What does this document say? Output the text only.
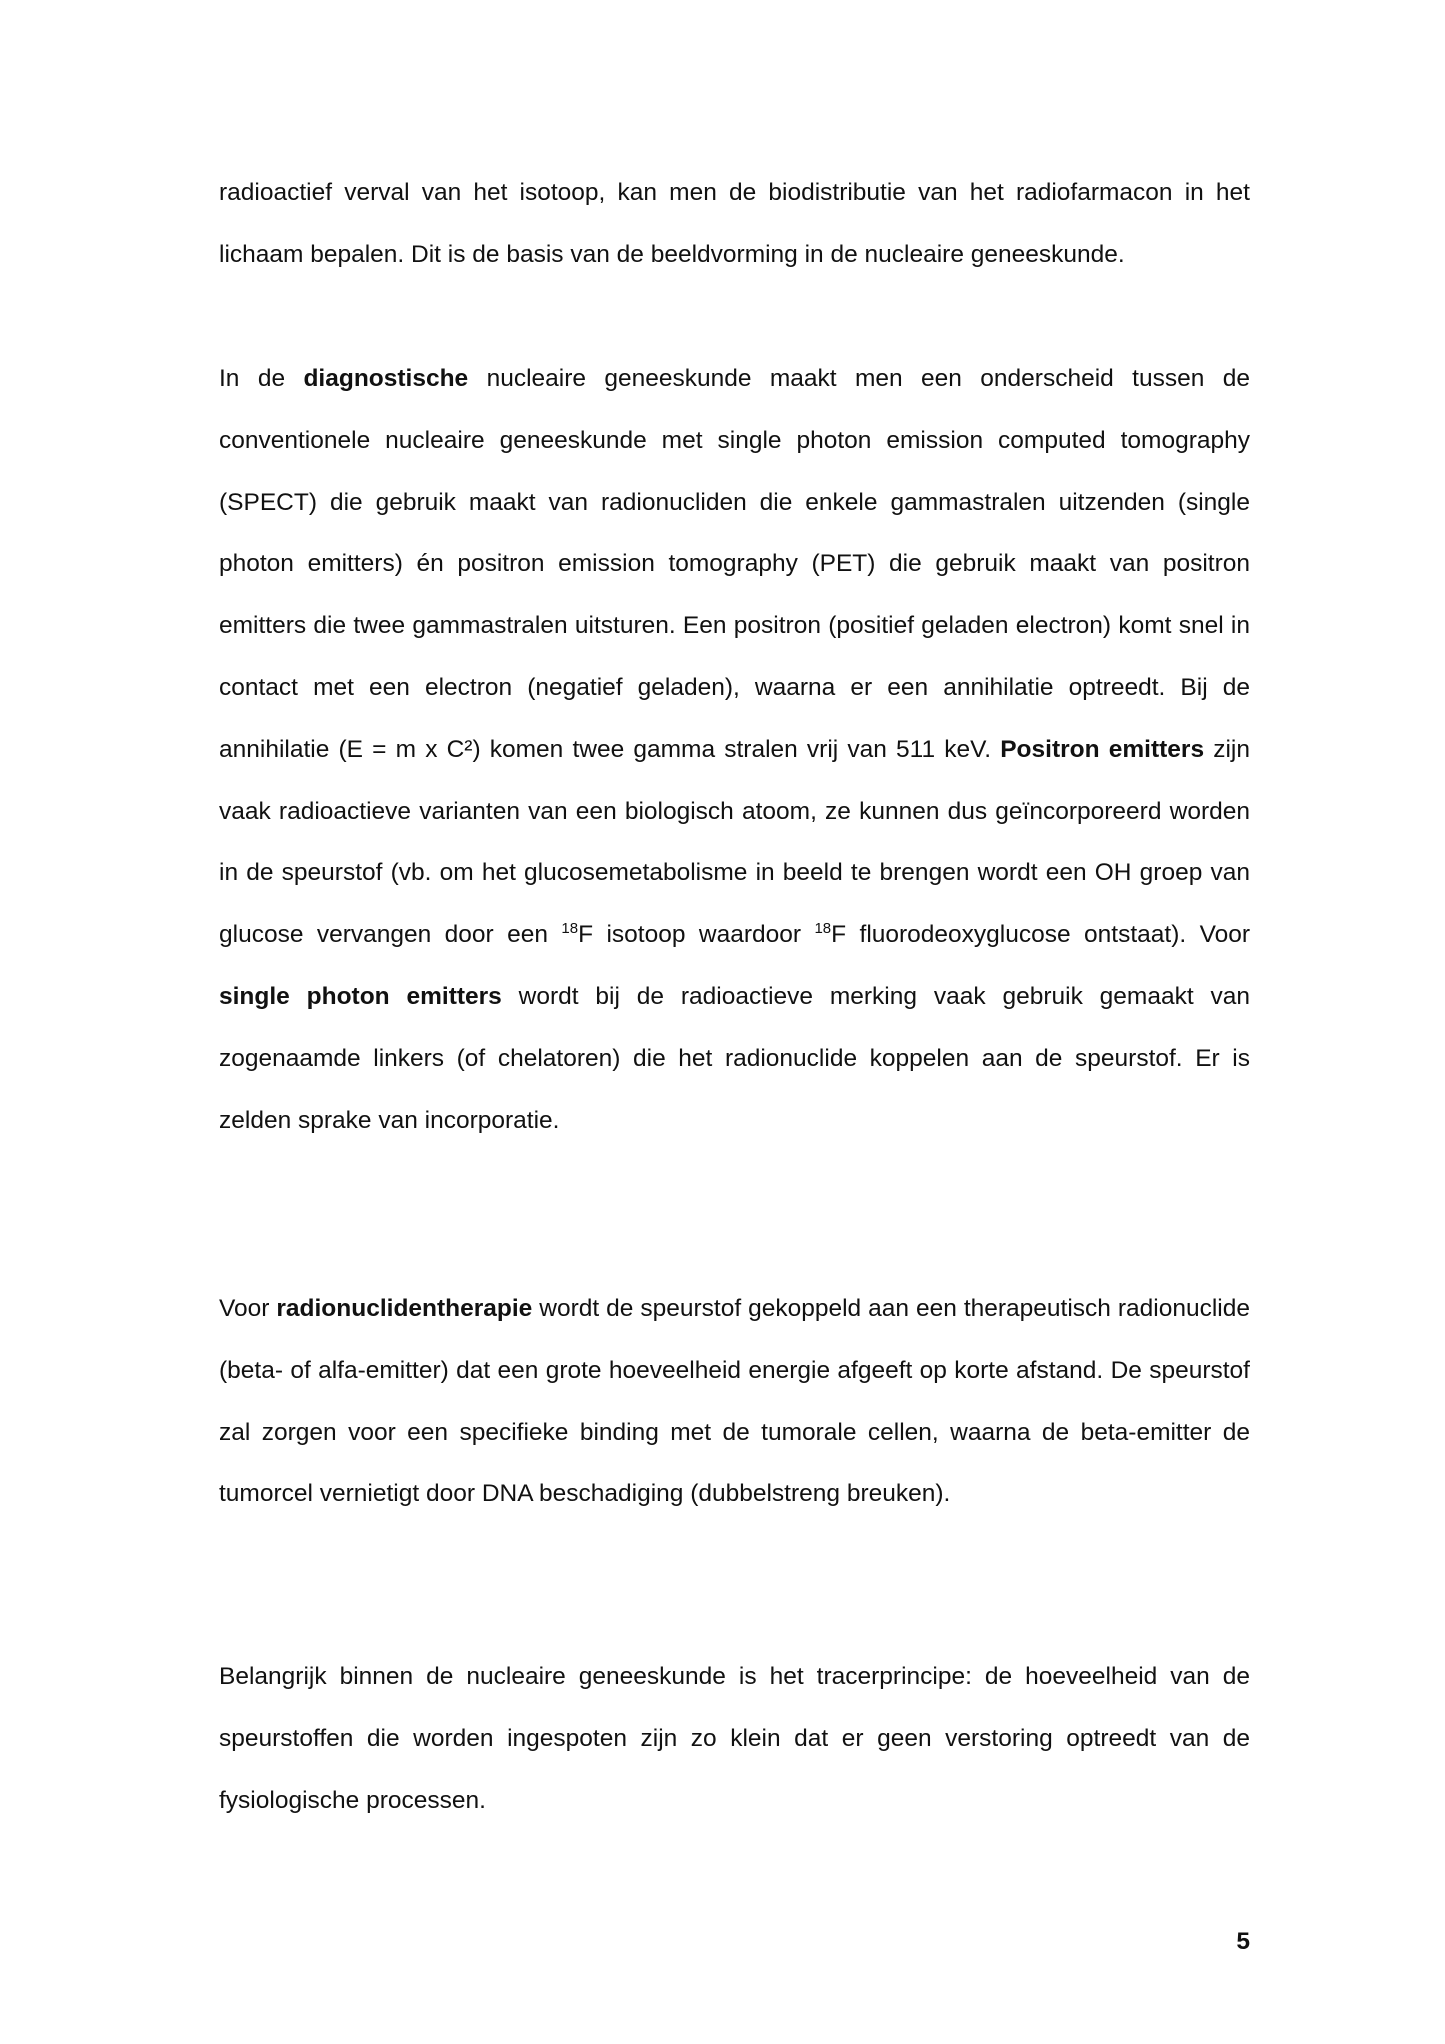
radioactief verval van het isotoop, kan men de biodistributie van het radiofarmacon in het lichaam bepalen. Dit is de basis van de beeldvorming in de nucleaire geneeskunde.

In de diagnostische nucleaire geneeskunde maakt men een onderscheid tussen de conventionele nucleaire geneeskunde met single photon emission computed tomography (SPECT) die gebruik maakt van radionucliden die enkele gammastralen uitzenden (single photon emitters) én positron emission tomography (PET) die gebruik maakt van positron emitters die twee gammastralen uitsturen. Een positron (positief geladen electron) komt snel in contact met een electron (negatief geladen), waarna er een annihilatie optreedt. Bij de annihilatie (E = m x C²) komen twee gamma stralen vrij van 511 keV. Positron emitters zijn vaak radioactieve varianten van een biologisch atoom, ze kunnen dus geïncorporeerd worden in de speurstof (vb. om het glucosemetabolisme in beeld te brengen wordt een OH groep van glucose vervangen door een $^{18}$F isotoop waardoor $^{18}$F fluorodeoxyglucose ontstaat). Voor single photon emitters wordt bij de radioactieve merking vaak gebruik gemaakt van zogenaamde linkers (of chelatoren) die het radionuclide koppelen aan de speurstof. Er is zelden sprake van incorporatie.

Voor radionuclidentherapie wordt de speurstof gekoppeld aan een therapeutisch radionuclide (beta- of alfa-emitter) dat een grote hoeveelheid energie afgeeft op korte afstand. De speurstof zal zorgen voor een specifieke binding met de tumorale cellen, waarna de beta-emitter de tumorcel vernietigt door DNA beschadiging (dubbelstreng breuken).

Belangrijk binnen de nucleaire geneeskunde is het tracerprincipe: de hoeveelheid van de speurstoffen die worden ingespoten zijn zo klein dat er geen verstoring optreedt van de fysiologische processen.

5
